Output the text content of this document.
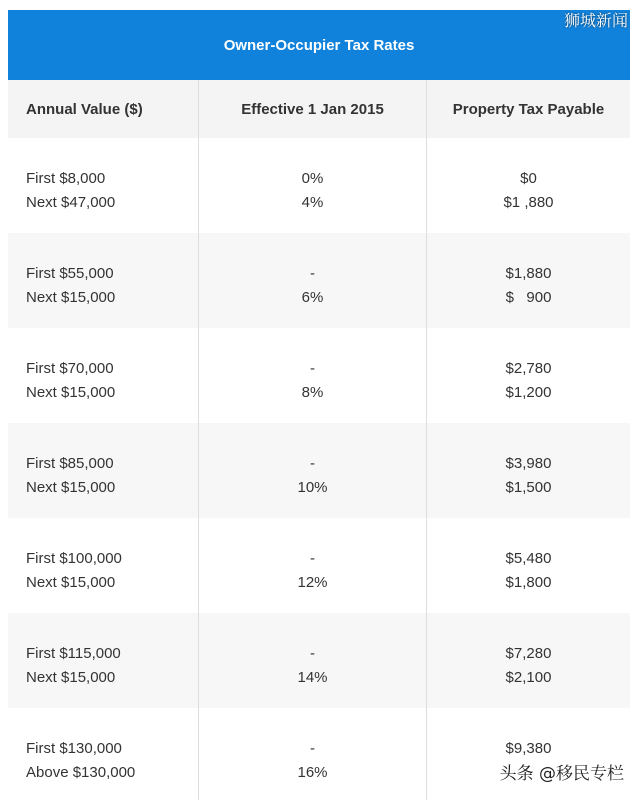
狮城新闻
Owner-Occupier Tax Rates
Annual Value ($)	Effective 1 Jan 2015	Property Tax Payable
First $8,000
Next $47,000
0%
4%
$0
$1 ,880
First $55,000
Next $15,000
-
6%
$1,880
$   900
First $70,000
Next $15,000
-
8%
$2,780
$1,200
First $85,000
Next $15,000
-
10%
$3,980
$1,500
First $100,000
Next $15,000
-
12%
$5,480
$1,800
First $115,000
Next $15,000
-
14%
$7,280
$2,100
First $130,000
Above $130,000
-
16%
$9,380
头条 @移民专栏
